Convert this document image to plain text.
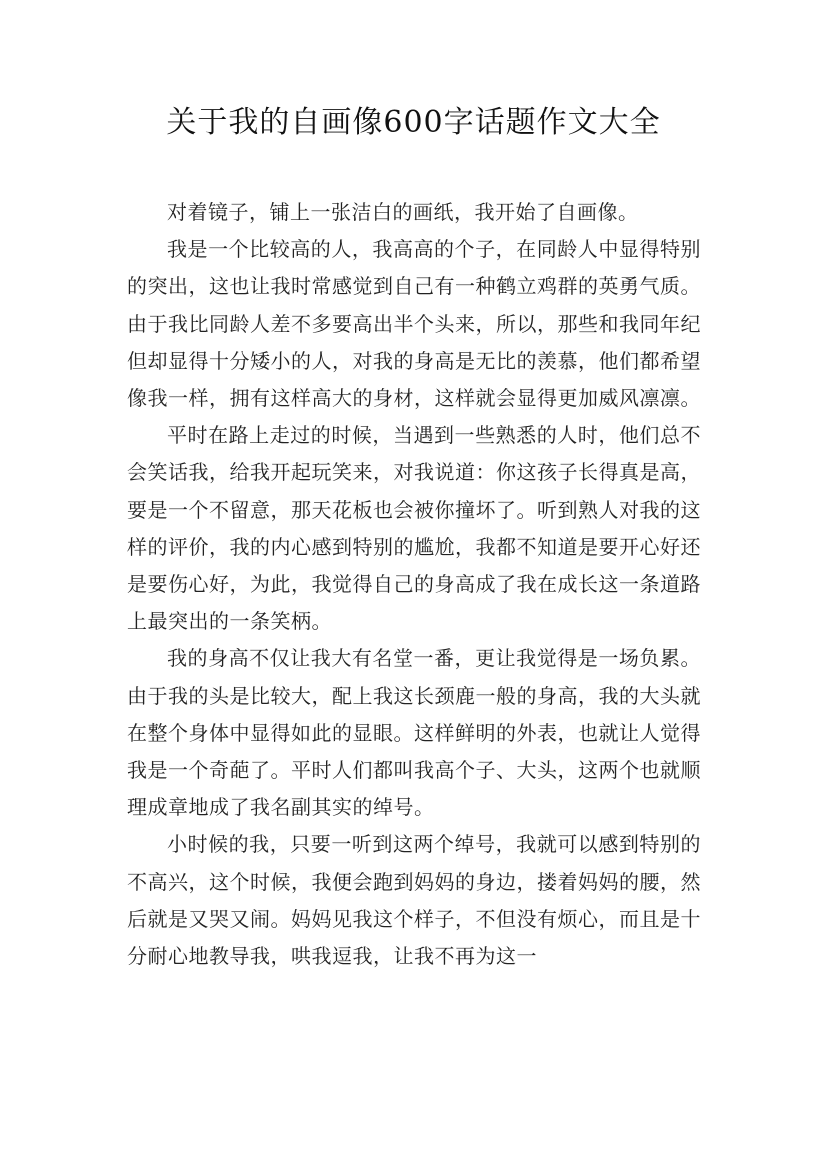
关于我的自画像600字话题作文大全

对着镜子，铺上一张洁白的画纸，我开始了自画像。

我是一个比较高的人，我高高的个子，在同龄人中显得特别的突出，这也让我时常感觉到自己有一种鹤立鸡群的英勇气质。由于我比同龄人差不多要高出半个头来，所以，那些和我同年纪但却显得十分矮小的人，对我的身高是无比的羡慕，他们都希望像我一样，拥有这样高大的身材，这样就会显得更加威风凛凛。

平时在路上走过的时候，当遇到一些熟悉的人时，他们总不会笑话我，给我开起玩笑来，对我说道：你这孩子长得真是高，要是一个不留意，那天花板也会被你撞坏了。听到熟人对我的这样的评价，我的内心感到特别的尴尬，我都不知道是要开心好还是要伤心好，为此，我觉得自己的身高成了我在成长这一条道路上最突出的一条笑柄。

我的身高不仅让我大有名堂一番，更让我觉得是一场负累。由于我的头是比较大，配上我这长颈鹿一般的身高，我的大头就在整个身体中显得如此的显眼。这样鲜明的外表，也就让人觉得我是一个奇葩了。平时人们都叫我高个子、大头，这两个也就顺理成章地成了我名副其实的绰号。

小时候的我，只要一听到这两个绰号，我就可以感到特别的不高兴，这个时候，我便会跑到妈妈的身边，搂着妈妈的腰，然后就是又哭又闹。妈妈见我这个样子，不但没有烦心，而且是十分耐心地教导我，哄我逗我，让我不再为这一
